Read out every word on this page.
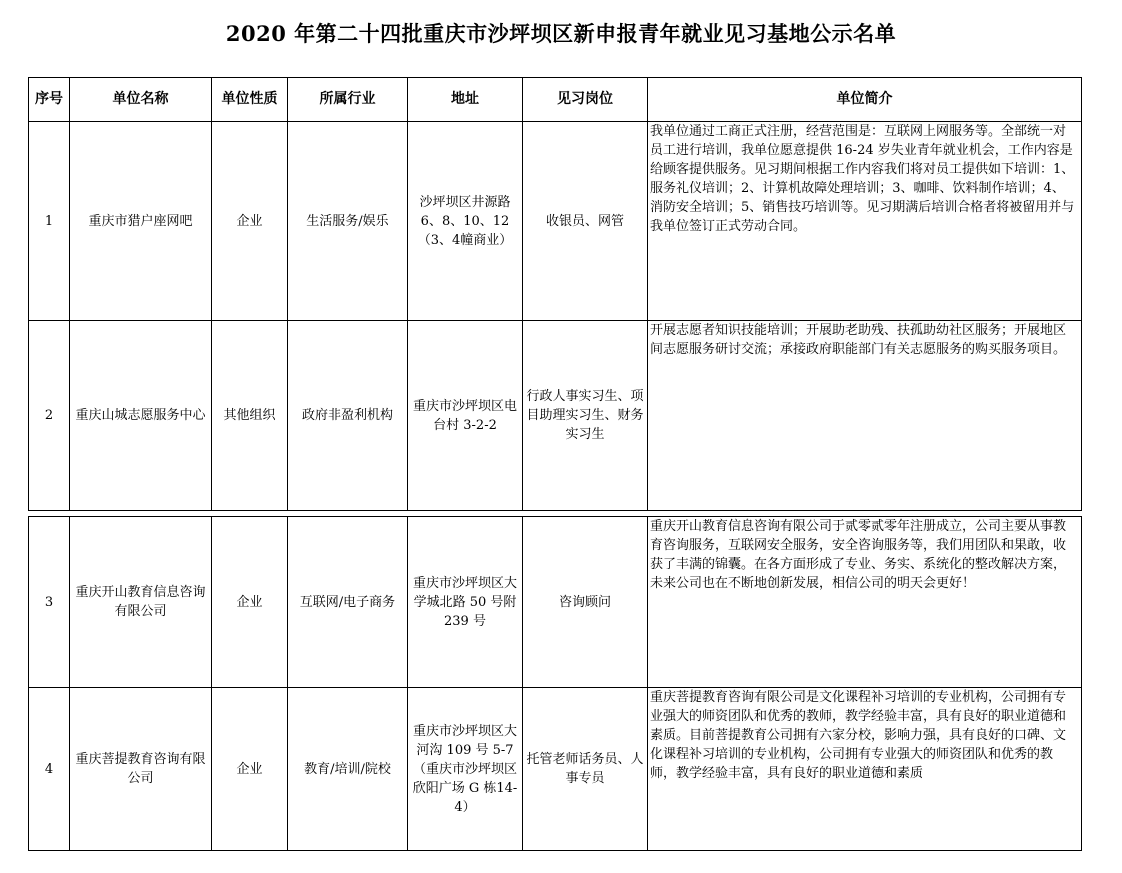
2020 年第二十四批重庆市沙坪坝区新申报青年就业见习基地公示名单
序号	单位名称	单位性质	所属行业	地址	见习岗位	单位简介
1	重庆市猎户座网吧	企业	生活服务/娱乐	沙坪坝区井源路6、8、10、12（3、4幢商业）	收银员、网管	我单位通过工商正式注册，经营范围是：互联网上网服务等。全部统一对员工进行培训，我单位愿意提供 16-24 岁失业青年就业机会，工作内容是给顾客提供服务。见习期间根据工作内容我们将对员工提供如下培训：1、服务礼仪培训；2、计算机故障处理培训；3、咖啡、饮料制作培训；4、消防安全培训；5、销售技巧培训等。见习期满后培训合格者将被留用并与我单位签订正式劳动合同。
2	重庆山城志愿服务中心	其他组织	政府非盈利机构	重庆市沙坪坝区电台村 3-2-2	行政人事实习生、项目助理实习生、财务实习生	开展志愿者知识技能培训；开展助老助残、扶孤助幼社区服务；开展地区间志愿服务研讨交流；承接政府职能部门有关志愿服务的购买服务项目。
3	重庆开山教育信息咨询有限公司	企业	互联网/电子商务	重庆市沙坪坝区大学城北路 50 号附 239 号	咨询顾问	重庆开山教育信息咨询有限公司于贰零贰零年注册成立，公司主要从事教育咨询服务，互联网安全服务，安全咨询服务等，我们用团队和果敢，收获了丰满的锦囊。在各方面形成了专业、务实、系统化的整改解决方案，未来公司也在不断地创新发展，相信公司的明天会更好！
4	重庆菩提教育咨询有限公司	企业	教育/培训/院校	重庆市沙坪坝区大河沟 109 号 5-7（重庆市沙坪坝区欣阳广场 G 栋14-4）	托管老师话务员、人事专员	重庆菩提教育咨询有限公司是文化课程补习培训的专业机构，公司拥有专业强大的师资团队和优秀的教师，教学经验丰富，具有良好的职业道德和素质。目前菩提教育公司拥有六家分校，影响力强，具有良好的口碑、文化课程补习培训的专业机构，公司拥有专业强大的师资团队和优秀的教师，教学经验丰富，具有良好的职业道德和素质
